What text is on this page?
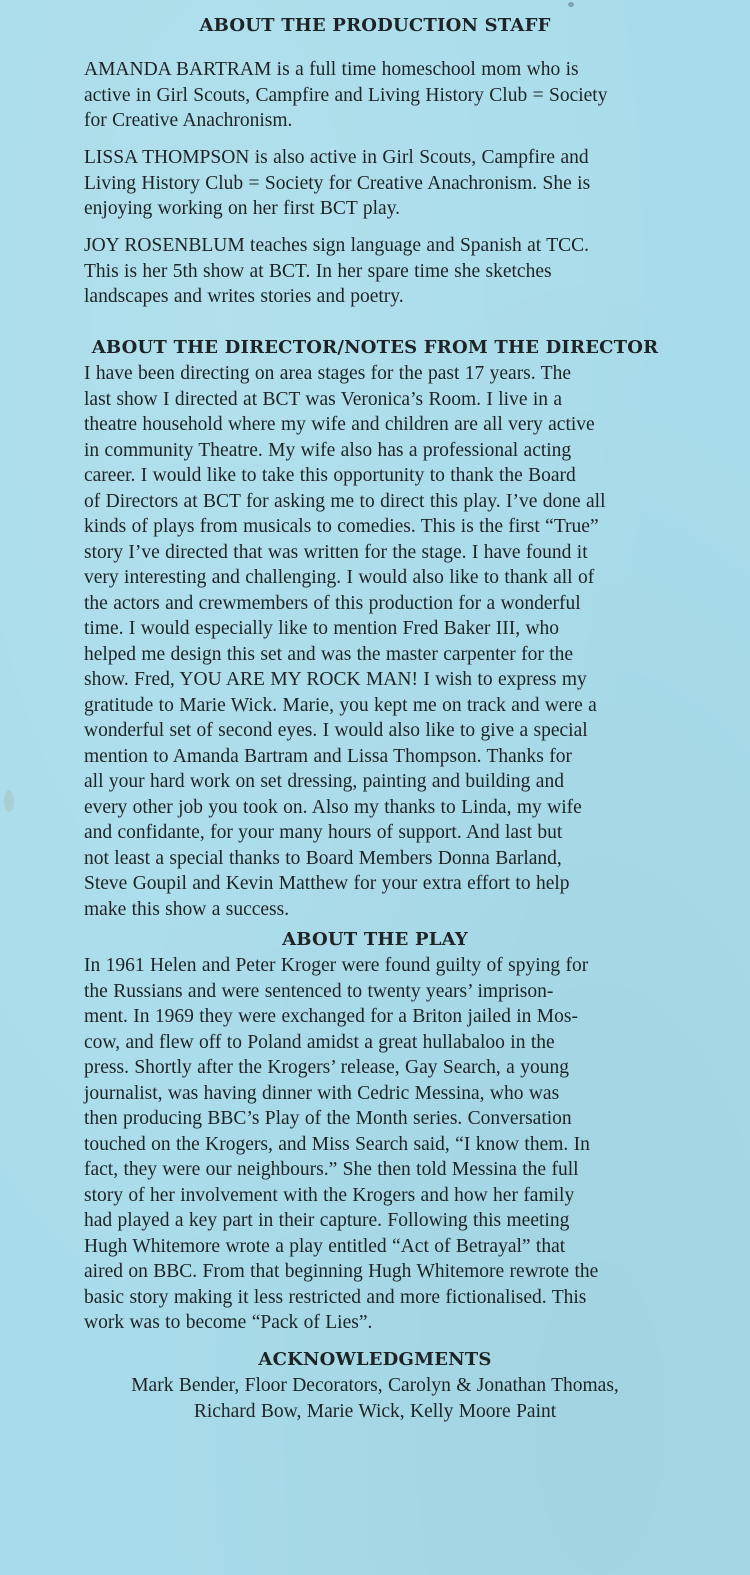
ABOUT THE PRODUCTION STAFF

AMANDA BARTRAM is a full time homeschool mom who is
active in Girl Scouts, Campfire and Living History Club = Society
for Creative Anachronism.

LISSA THOMPSON is also active in Girl Scouts, Campfire and
Living History Club = Society for Creative Anachronism. She is
enjoying working on her first BCT play.

JOY ROSENBLUM teaches sign language and Spanish at TCC.
This is her 5th show at BCT. In her spare time she sketches
landscapes and writes stories and poetry.

ABOUT THE DIRECTOR/NOTES FROM THE DIRECTOR

I have been directing on area stages for the past 17 years. The
last show I directed at BCT was Veronica’s Room. I live in a
theatre household where my wife and children are all very active
in community Theatre. My wife also has a professional acting
career. I would like to take this opportunity to thank the Board
of Directors at BCT for asking me to direct this play. I’ve done all
kinds of plays from musicals to comedies. This is the first “True”
story I’ve directed that was written for the stage. I have found it
very interesting and challenging. I would also like to thank all of
the actors and crewmembers of this production for a wonderful
time. I would especially like to mention Fred Baker III, who
helped me design this set and was the master carpenter for the
show. Fred, YOU ARE MY ROCK MAN! I wish to express my
gratitude to Marie Wick. Marie, you kept me on track and were a
wonderful set of second eyes. I would also like to give a special
mention to Amanda Bartram and Lissa Thompson. Thanks for
all your hard work on set dressing, painting and building and
every other job you took on. Also my thanks to Linda, my wife
and confidante, for your many hours of support. And last but
not least a special thanks to Board Members Donna Barland,
Steve Goupil and Kevin Matthew for your extra effort to help
make this show a success.

ABOUT THE PLAY

In 1961 Helen and Peter Kroger were found guilty of spying for
the Russians and were sentenced to twenty years’ imprison-
ment. In 1969 they were exchanged for a Briton jailed in Mos-
cow, and flew off to Poland amidst a great hullabaloo in the
press. Shortly after the Krogers’ release, Gay Search, a young
journalist, was having dinner with Cedric Messina, who was
then producing BBC’s Play of the Month series. Conversation
touched on the Krogers, and Miss Search said, “I know them. In
fact, they were our neighbours.” She then told Messina the full
story of her involvement with the Krogers and how her family
had played a key part in their capture. Following this meeting
Hugh Whitemore wrote a play entitled “Act of Betrayal” that
aired on BBC. From that beginning Hugh Whitemore rewrote the
basic story making it less restricted and more fictionalised. This
work was to become “Pack of Lies”.

ACKNOWLEDGMENTS

Mark Bender, Floor Decorators, Carolyn & Jonathan Thomas,
Richard Bow, Marie Wick, Kelly Moore Paint
